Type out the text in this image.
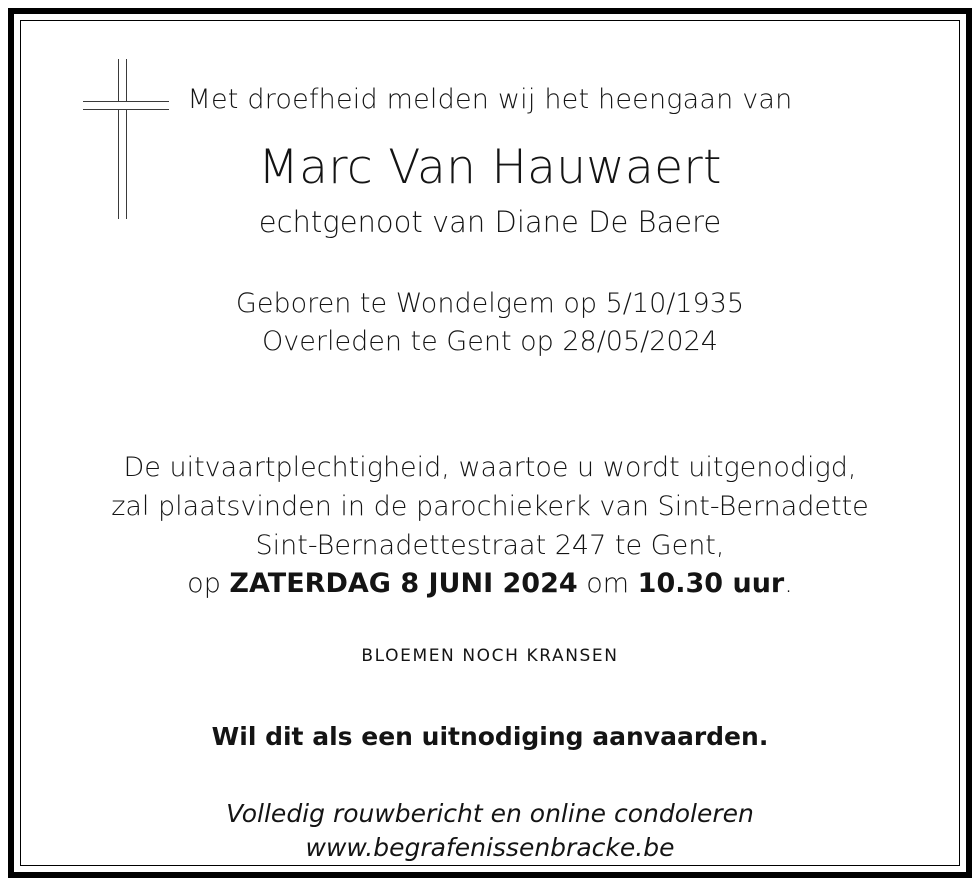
Met droefheid melden wij het heengaan van
Marc Van Hauwaert
echtgenoot van Diane De Baere
Geboren te Wondelgem op 5/10/1935
Overleden te Gent op 28/05/2024
De uitvaartplechtigheid, waartoe u wordt uitgenodigd,
zal plaatsvinden in de parochiekerk van Sint-Bernadette
Sint-Bernadettestraat 247 te Gent,
op ZATERDAG 8 JUNI 2024 om 10.30 uur.
BLOEMEN NOCH KRANSEN
Wil dit als een uitnodiging aanvaarden.
Volledig rouwbericht en online condoleren
www.begrafenissenbracke.be
